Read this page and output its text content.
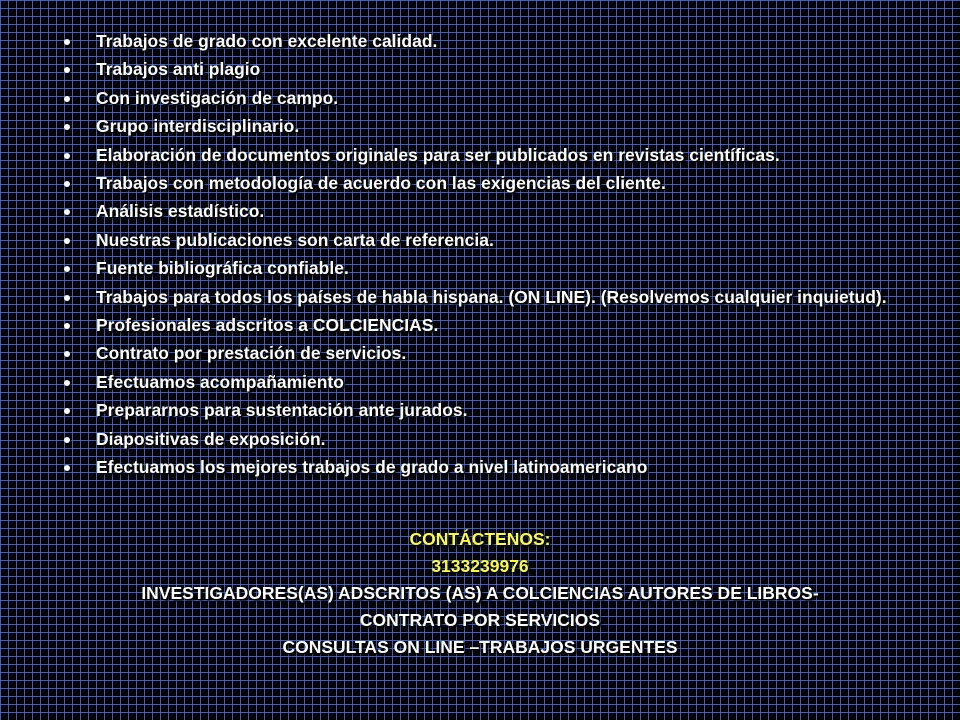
Trabajos de grado con excelente calidad.
Trabajos anti plagio
Con investigación de campo.
Grupo interdisciplinario.
Elaboración de documentos originales para ser publicados en revistas científicas.
Trabajos con metodología de acuerdo con las exigencias del cliente.
Análisis estadístico.
Nuestras publicaciones son carta de referencia.
Fuente bibliográfica confiable.
Trabajos para todos los países de habla hispana. (ON LINE). (Resolvemos cualquier inquietud).
Profesionales adscritos a COLCIENCIAS.
Contrato por prestación de servicios.
Efectuamos acompañamiento
Prepararnos para sustentación ante jurados.
Diapositivas de exposición.
Efectuamos los mejores trabajos de grado a nivel latinoamericano
CONTÁCTENOS:
3133239976
INVESTIGADORES(AS) ADSCRITOS (AS) A COLCIENCIAS AUTORES DE LIBROS-
CONTRATO POR SERVICIOS
CONSULTAS ON LINE –TRABAJOS URGENTES
